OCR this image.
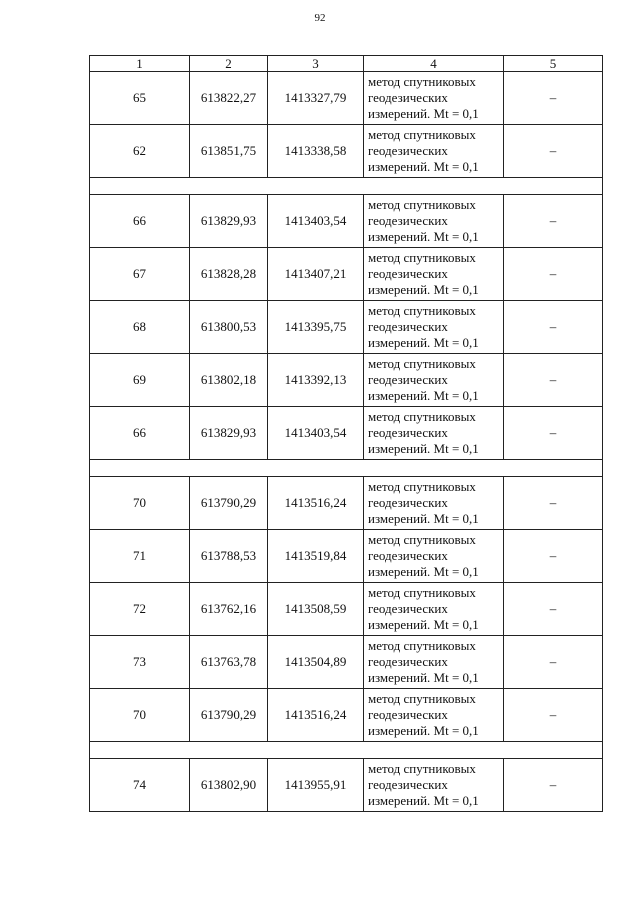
92
1	2	3	4	5
65	613822,27	1413327,79	метод спутниковых
геодезических
измерений. Mt = 0,1	–
62	613851,75	1413338,58	метод спутниковых
геодезических
измерений. Mt = 0,1	–

66	613829,93	1413403,54	метод спутниковых
геодезических
измерений. Mt = 0,1	–
67	613828,28	1413407,21	метод спутниковых
геодезических
измерений. Mt = 0,1	–
68	613800,53	1413395,75	метод спутниковых
геодезических
измерений. Mt = 0,1	–
69	613802,18	1413392,13	метод спутниковых
геодезических
измерений. Mt = 0,1	–
66	613829,93	1413403,54	метод спутниковых
геодезических
измерений. Mt = 0,1	–

70	613790,29	1413516,24	метод спутниковых
геодезических
измерений. Mt = 0,1	–
71	613788,53	1413519,84	метод спутниковых
геодезических
измерений. Mt = 0,1	–
72	613762,16	1413508,59	метод спутниковых
геодезических
измерений. Mt = 0,1	–
73	613763,78	1413504,89	метод спутниковых
геодезических
измерений. Mt = 0,1	–
70	613790,29	1413516,24	метод спутниковых
геодезических
измерений. Mt = 0,1	–

74	613802,90	1413955,91	метод спутниковых
геодезических
измерений. Mt = 0,1	–
